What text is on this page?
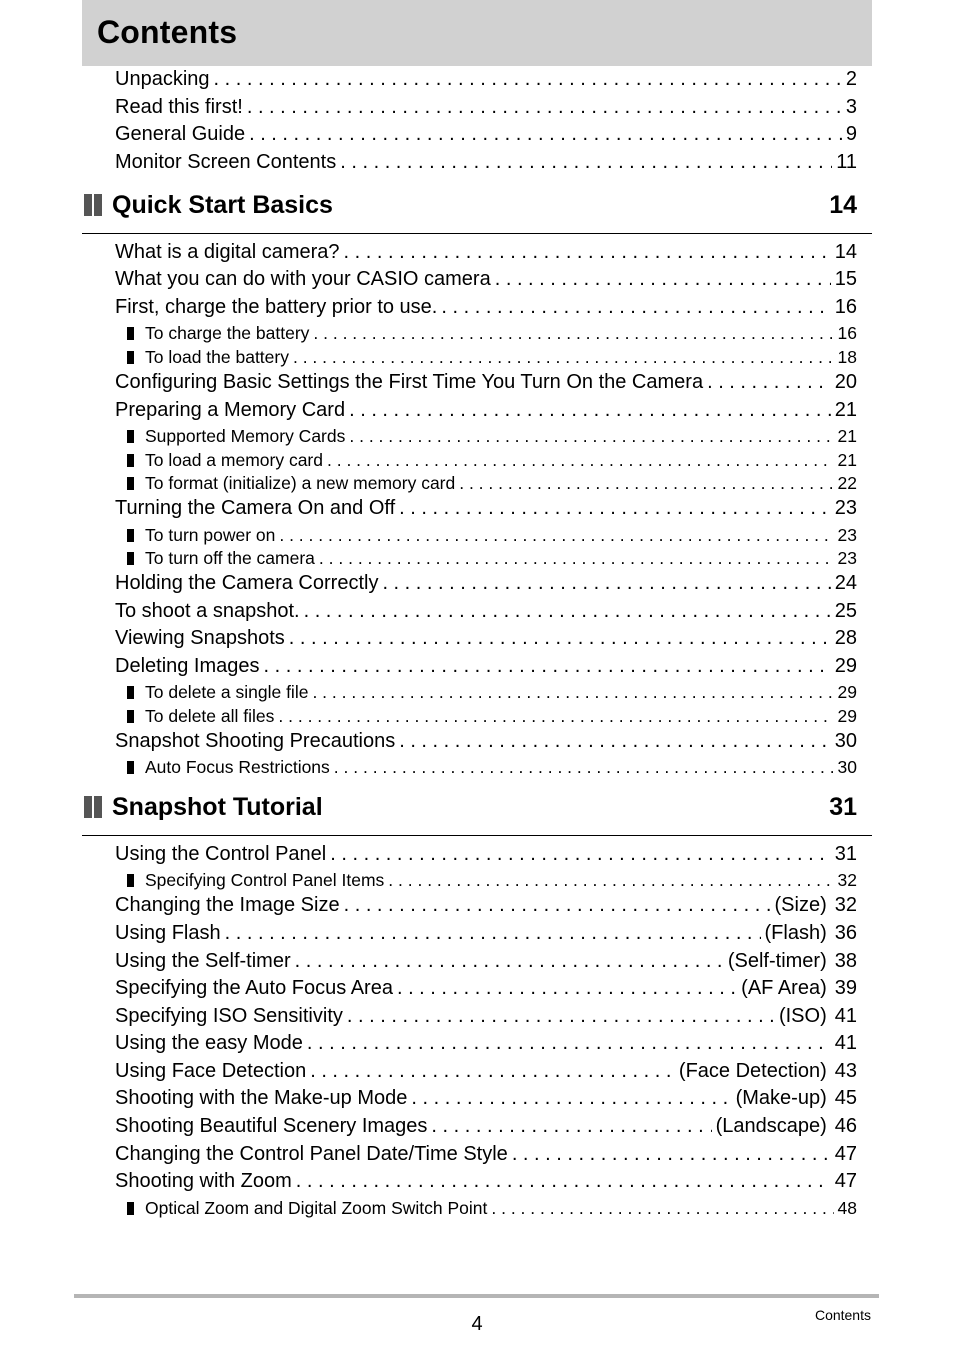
Contents
Unpacking . . .	2
Read this first! . . .	3
General Guide . . .	9
Monitor Screen Contents . . .	11
Quick Start Basics	14
What is a digital camera? . . .	14
What you can do with your CASIO camera . . .	15
First, charge the battery prior to use. . . .	16
To charge the battery . . .	16
To load the battery . . .	18
Configuring Basic Settings the First Time You Turn On the Camera . . .	20
Preparing a Memory Card . . .	21
Supported Memory Cards . . .	21
To load a memory card . . .	21
To format (initialize) a new memory card . . .	22
Turning the Camera On and Off . . .	23
To turn power on . . .	23
To turn off the camera . . .	23
Holding the Camera Correctly . . .	24
To shoot a snapshot. . . .	25
Viewing Snapshots . . .	28
Deleting Images . . .	29
To delete a single file . . .	29
To delete all files . . .	29
Snapshot Shooting Precautions . . .	30
Auto Focus Restrictions . . .	30
Snapshot Tutorial	31
Using the Control Panel . . .	31
Specifying Control Panel Items . . .	32
Changing the Image Size . . .	(Size) 32
Using Flash . . .	(Flash) 36
Using the Self-timer . . .	(Self-timer) 38
Specifying the Auto Focus Area . . .	(AF Area) 39
Specifying ISO Sensitivity . . .	(ISO) 41
Using the easy Mode . . .	41
Using Face Detection . . .	(Face Detection) 43
Shooting with the Make-up Mode . . .	(Make-up) 45
Shooting Beautiful Scenery Images . . .	(Landscape) 46
Changing the Control Panel Date/Time Style . . .	47
Shooting with Zoom . . .	47
Optical Zoom and Digital Zoom Switch Point . . .	48
4	Contents
